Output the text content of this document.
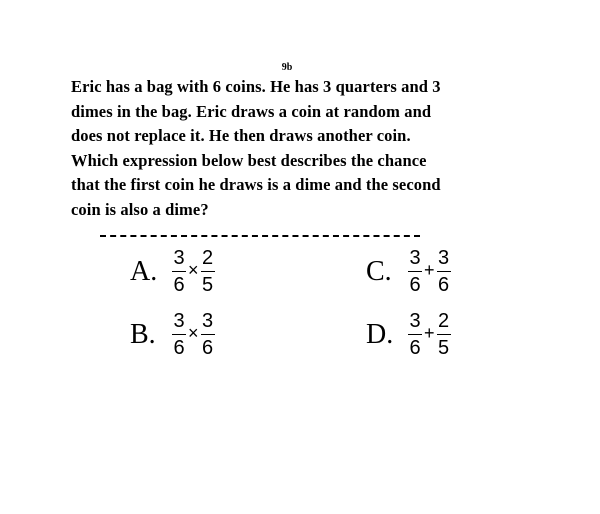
9b

Eric has a bag with 6 coins. He has 3 quarters and 3
dimes in the bag. Eric draws a coin at random and
does not replace it. He then draws another coin.
Which expression below best describes the chance
that the first coin he draws is a dime and the second
coin is also a dime?

A. $\frac{3}{6} \times \frac{2}{5}$
B. $\frac{3}{6} \times \frac{3}{6}$
C. $\frac{3}{6} + \frac{3}{6}$
D. $\frac{3}{6} + \frac{2}{5}$
